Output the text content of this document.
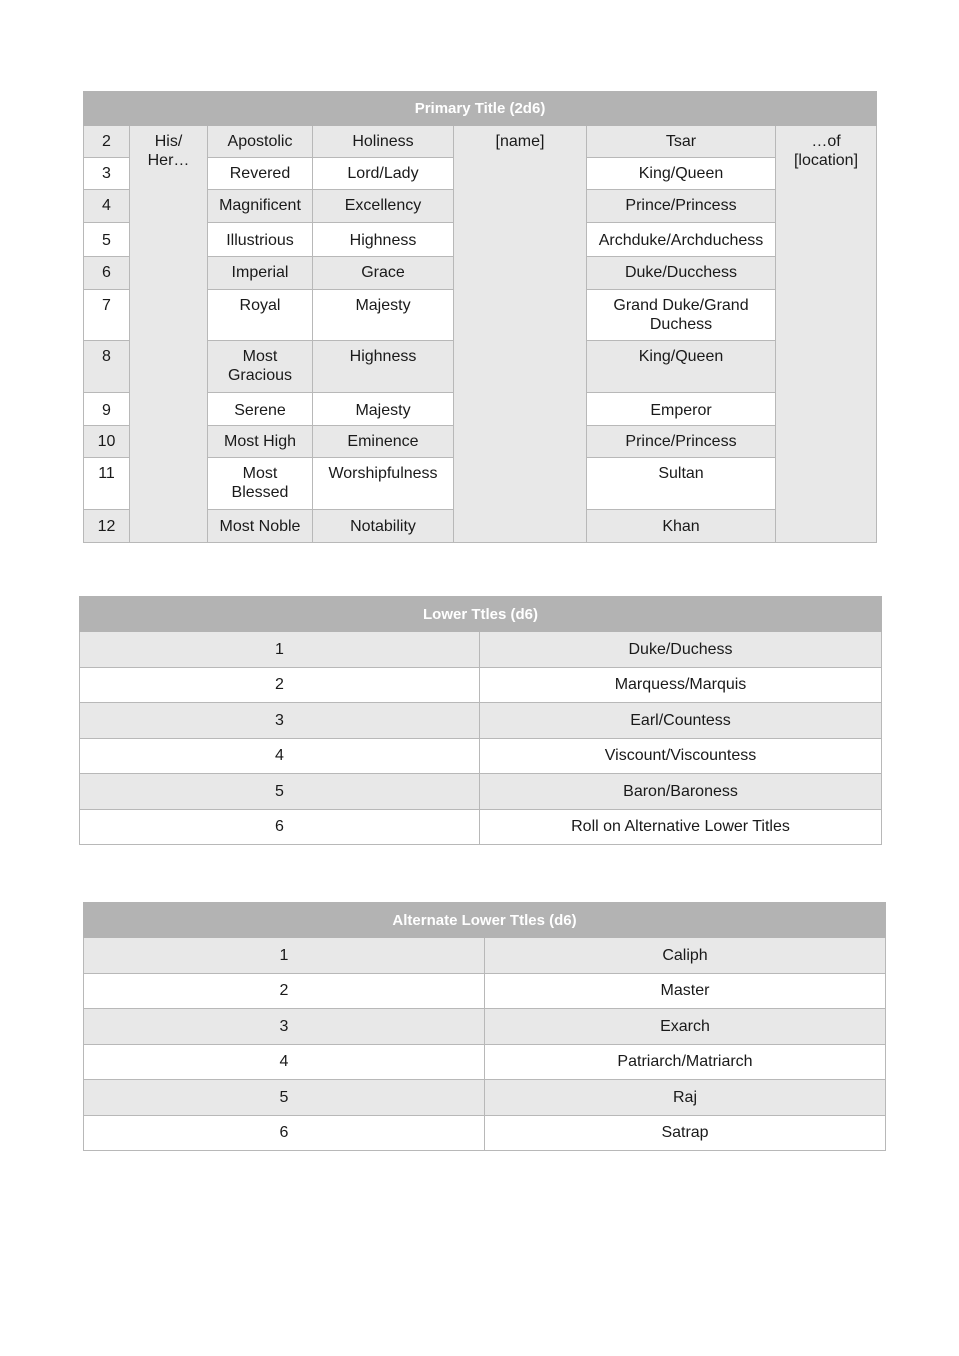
Primary Title (2d6)						
2	His/ Her…	Apostolic	Holiness	[name]	Tsar	…of [location]
3		Revered	Lord/Lady		King/Queen	
4		Magnificent	Excellency		Prince/Princess	
5		Illustrious	Highness		Archduke/Archduchess	
6		Imperial	Grace		Duke/Ducchess	
7		Royal	Majesty		Grand Duke/Grand Duchess	
8		Most Gracious	Highness		King/Queen	
9		Serene	Majesty		Emperor	
10		Most High	Eminence		Prince/Princess	
11		Most Blessed	Worshipfulness		Sultan	
12		Most Noble	Notability		Khan	
Lower Ttles (d6)	
1	Duke/Duchess
2	Marquess/Marquis
3	Earl/Countess
4	Viscount/Viscountess
5	Baron/Baroness
6	Roll on Alternative Lower Titles
Alternate Lower Ttles (d6)	
1	Caliph
2	Master
3	Exarch
4	Patriarch/Matriarch
5	Raj
6	Satrap
